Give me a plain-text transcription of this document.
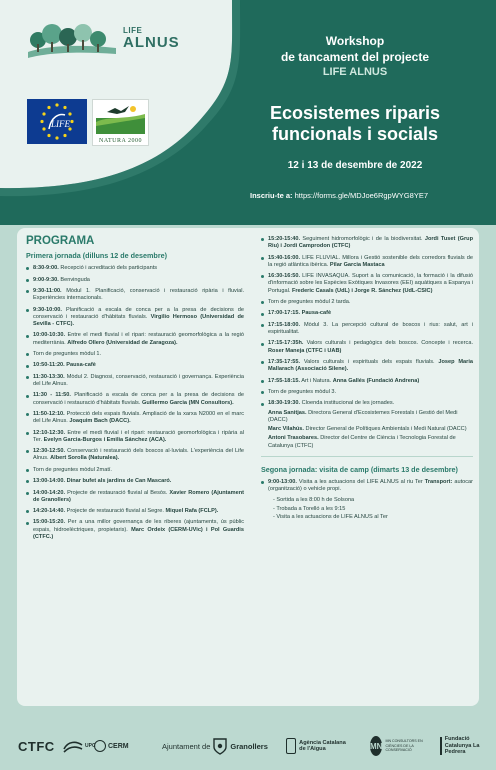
LIFE
ALNUS
LIFE
NATURA 2000
Workshop
de tancament del projecte
LIFE ALNUS
Ecosistemes riparis
funcionals i socials
12 i 13 de desembre de 2022
Inscriu-te a: https://forms.gle/MDJoe6RgpWYG8YE7
PROGRAMA
Primera jornada (dilluns 12 de desembre)
8:30-9:00. Recepció i acreditació dels participants
9:00-9:30. Benvinguda
9:30-11:00. Mòdul 1. Planificació, conservació i restauració ripària i fluvial. Experiències internacionals.
9:30-10:00. Planificació a escala de conca per a la presa de decisions de conservació i restauració d'hàbitats fluvials. Virgilio Hermoso (Universidad de Sevilla - CTFC).
10:00-10:30. Entre el medi fluvial i el ripari: restauració geomorfològica a la regió mediterrània. Alfredo Ollero (Universidad de Zaragoza).
Torn de preguntes mòdul 1.
10:50-11:20. Pausa-cafè
11:30-13:30. Mòdul 2. Diagnosi, conservació, restauració i governança. Experiència del Life Alnus.
11:30 - 11:50. Planificació a escala de conca per a la presa de decisions de conservació i restauració d'hàbitats fluvials. Guillermo Garcia (MN Consultors).
11:50-12:10. Protecció dels espais fluvials. Ampliació de la xarxa N2000 en el marc del Life Alnus. Joaquim Bach (DACC).
12:10-12:30. Entre el medi fluvial i el ripari: restauració geomorfològica i ripària al Ter. Evelyn Garcia-Burgos i Emilia Sánchez (ACA).
12:30-12:50. Conservació i restauració dels boscos al·luvials. L'experiència del Life Alnus. Albert Sorolla (Naturalea).
Torn de preguntes mòdul 2matí.
13:00-14:00. Dinar bufet als jardins de Can Mascaró.
14:00-14:20. Projecte de restauració fluvial al Besòs. Xavier Romero (Ajuntament de Granollers)
14:20-14:40. Projecte de restauració fluvial al Segre. Miquel Rafa (FCLP).
15:00-15:20. Per a una millor governança de les riberes (ajuntaments, ús públic espais, hidroelèctriques, propietaris). Marc Ordeix (CERM-UVic) i Pol Guardis (CTFC.)
15:20-15:40. Seguiment hidromorfològic i de la biodiversitat. Jordi Tuset (Grup Riu) i Jordi Camprodon (CTFC)
15:40-16:00. LIFE FLUVIAL. Millora i Gestió sostenible dels corredors fluvials de la regió atlàntica ibèrica. Pilar Garcia Mastaca
16:30-16:50. LIFE INVASAQUA. Suport a la comunicació, la formació i la difusió d'informació sobre les Espècies Exòtiques Invasores (EEI) aquàtiques a Espanya i Portugal. Frederic Casals (UdL) i Jorge R. Sánchez (UdL-CSIC)
Torn de preguntes mòdul 2 tarda.
17:00-17:15. Pausa-cafè
17:15-18:00. Mòdul 3. La percepció cultural de boscos i rius: salut, art i espiritualitat.
17:15-17:35h. Valors culturals i pedagògics dels boscos. Concepte i recerca. Roser Maneja (CTFC i UAB)
17:35-17:55. Valors culturals i espirituals dels espais fluvials. Josep Maria Mallarach (Associació Silene).
17:55-18:15. Art i Natura. Anna Gallés (Fundació Andrena)
Torn de preguntes mòdul 3.
18:30-19:30. Cloenda institucional de les jornades.
Anna Sanitjas. Directora General d'Ecosistemes Forestals i Gestió del Medi (DACC)
Marc Vilahús. Director General de Polítiques Ambientals i Medi Natural (DACC)
Antoni Trasobares. Director del Centre de Ciència i Tecnologia Forestal de Catalunya (CTFC)
Segona jornada: visita de camp (dimarts 13 de desembre)
9:00-13:00. Visita a les actuacions del LIFE ALNUS al riu Ter Transport: autocar (organització) o vehicle propi.
- Sortida a les 8:00 h de Solsona
- Trobada a Torelló a les 9:15
- Visita a les actuacions de LIFE ALNUS al Ter
CTFC	UPC CERM	Ajuntament de	Granollers	Agència Catalana de l'Aigua	MN
MN CONSULTORS EN CIÈNCIES DE LA CONSERVACIÓ
Fundació Catalunya La Pedrera
